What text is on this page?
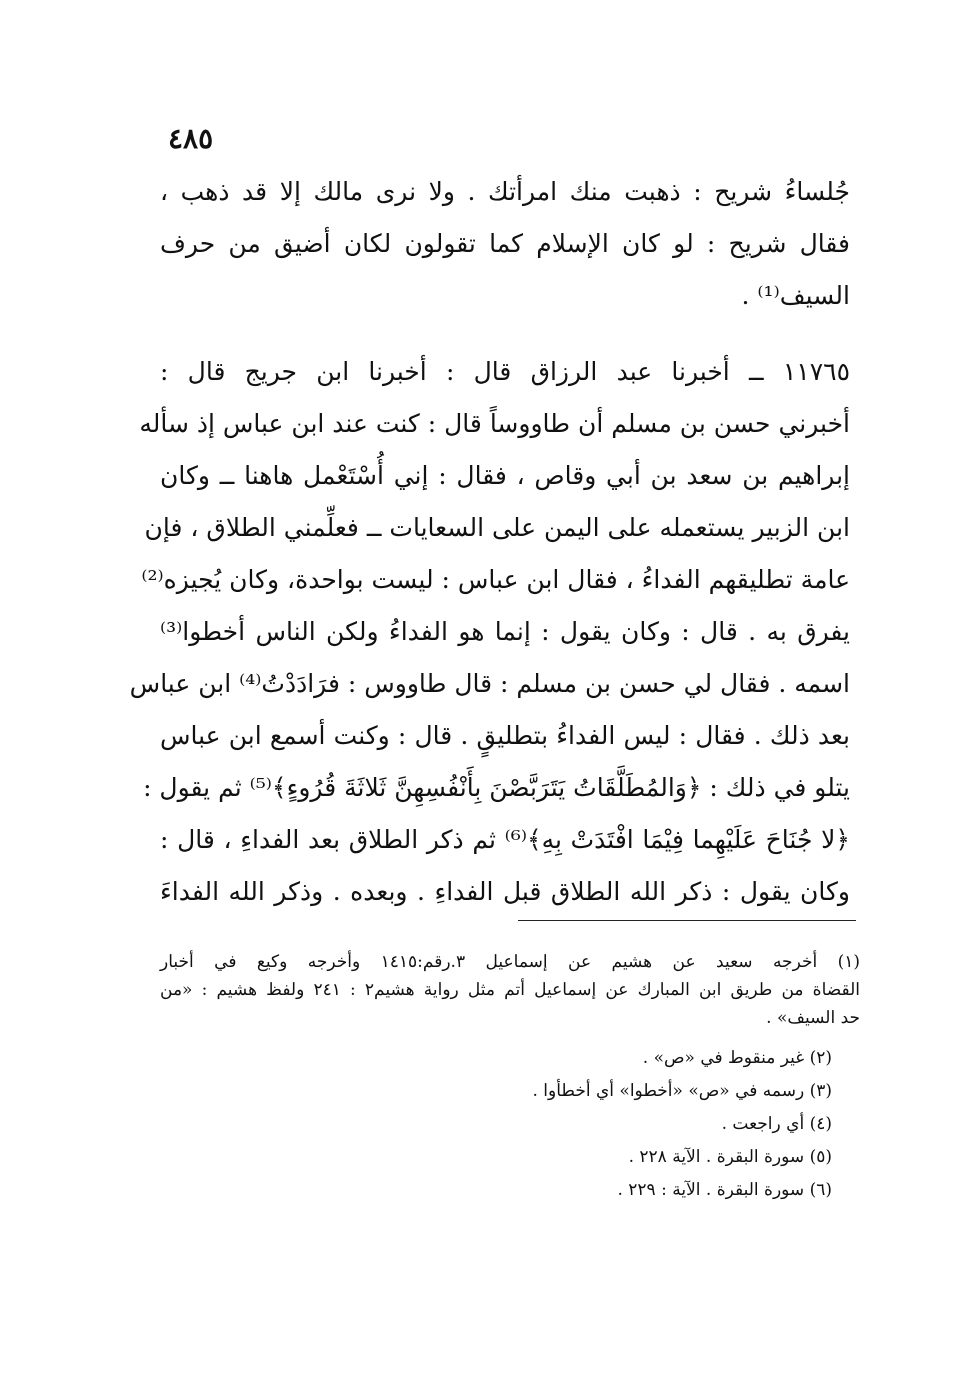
٤٨٥
جُلساءُ شريح : ذهبت منك امرأتك . ولا نرى مالك إلا قد ذهب ،
فقال شريح : لو كان الإسلام كما تقولون لكان أضيق من حرف
السيف⁽¹⁾ .
١١٧٦٥ ــ أخبرنا عبد الرزاق قال : أخبرنا ابن جريج قال :
أخبرني حسن بن مسلم أن طاووساً قال : كنت عند ابن عباس إذ سأله
إبراهيم بن سعد بن أبي وقاص ، فقال : إني أُسْتَعْمل هاهنا ــ وكان
ابن الزبير يستعمله على اليمن على السعايات ــ فعلِّمني الطلاق ، فإن
عامة تطليقهم الفداءُ ، فقال ابن عباس : ليست بواحدة، وكان يُجيزه⁽²⁾
يفرق به . قال : وكان يقول : إنما هو الفداءُ ولكن الناس أخطوا⁽³⁾
اسمه . فقال لي حسن بن مسلم : قال طاووس : فرَادَدْتُ⁽⁴⁾ ابن عباس
بعد ذلك . فقال : ليس الفداءُ بتطليقٍ . قال : وكنت أسمع ابن عباس
يتلو في ذلك : ﴿وَالمُطَلَّقَاتُ يَتَرَبَّصْنَ بِأَنْفُسِهِنَّ ثَلاثَةَ قُرُوءٍ﴾⁽⁵⁾ ثم يقول :
﴿لا جُنَاحَ عَلَيْهِما فِيْمَا افْتَدَتْ بِهِ﴾⁽⁶⁾ ثم ذكر الطلاق بعد الفداءِ ، قال :
وكان يقول : ذكر الله الطلاق قبل الفداءِ . وبعده . وذكر الله الفداءَ
(١) أخرجه سعيد عن هشيم عن إسماعيل ٣.رقم:١٤١٥ وأخرجه وكيع في أخبار
القضاة من طريق ابن المبارك عن إسماعيل أتم مثل رواية هشيم٢ : ٢٤١ ولفظ هشيم : «من
حد السيف» .
(٢) غير منقوط في «ص» .
(٣) رسمه في «ص» «أخطوا» أي أخطأوا .
(٤) أي راجعت .
(٥) سورة البقرة . الآية ٢٢٨ .
(٦) سورة البقرة . الآية : ٢٢٩ .
